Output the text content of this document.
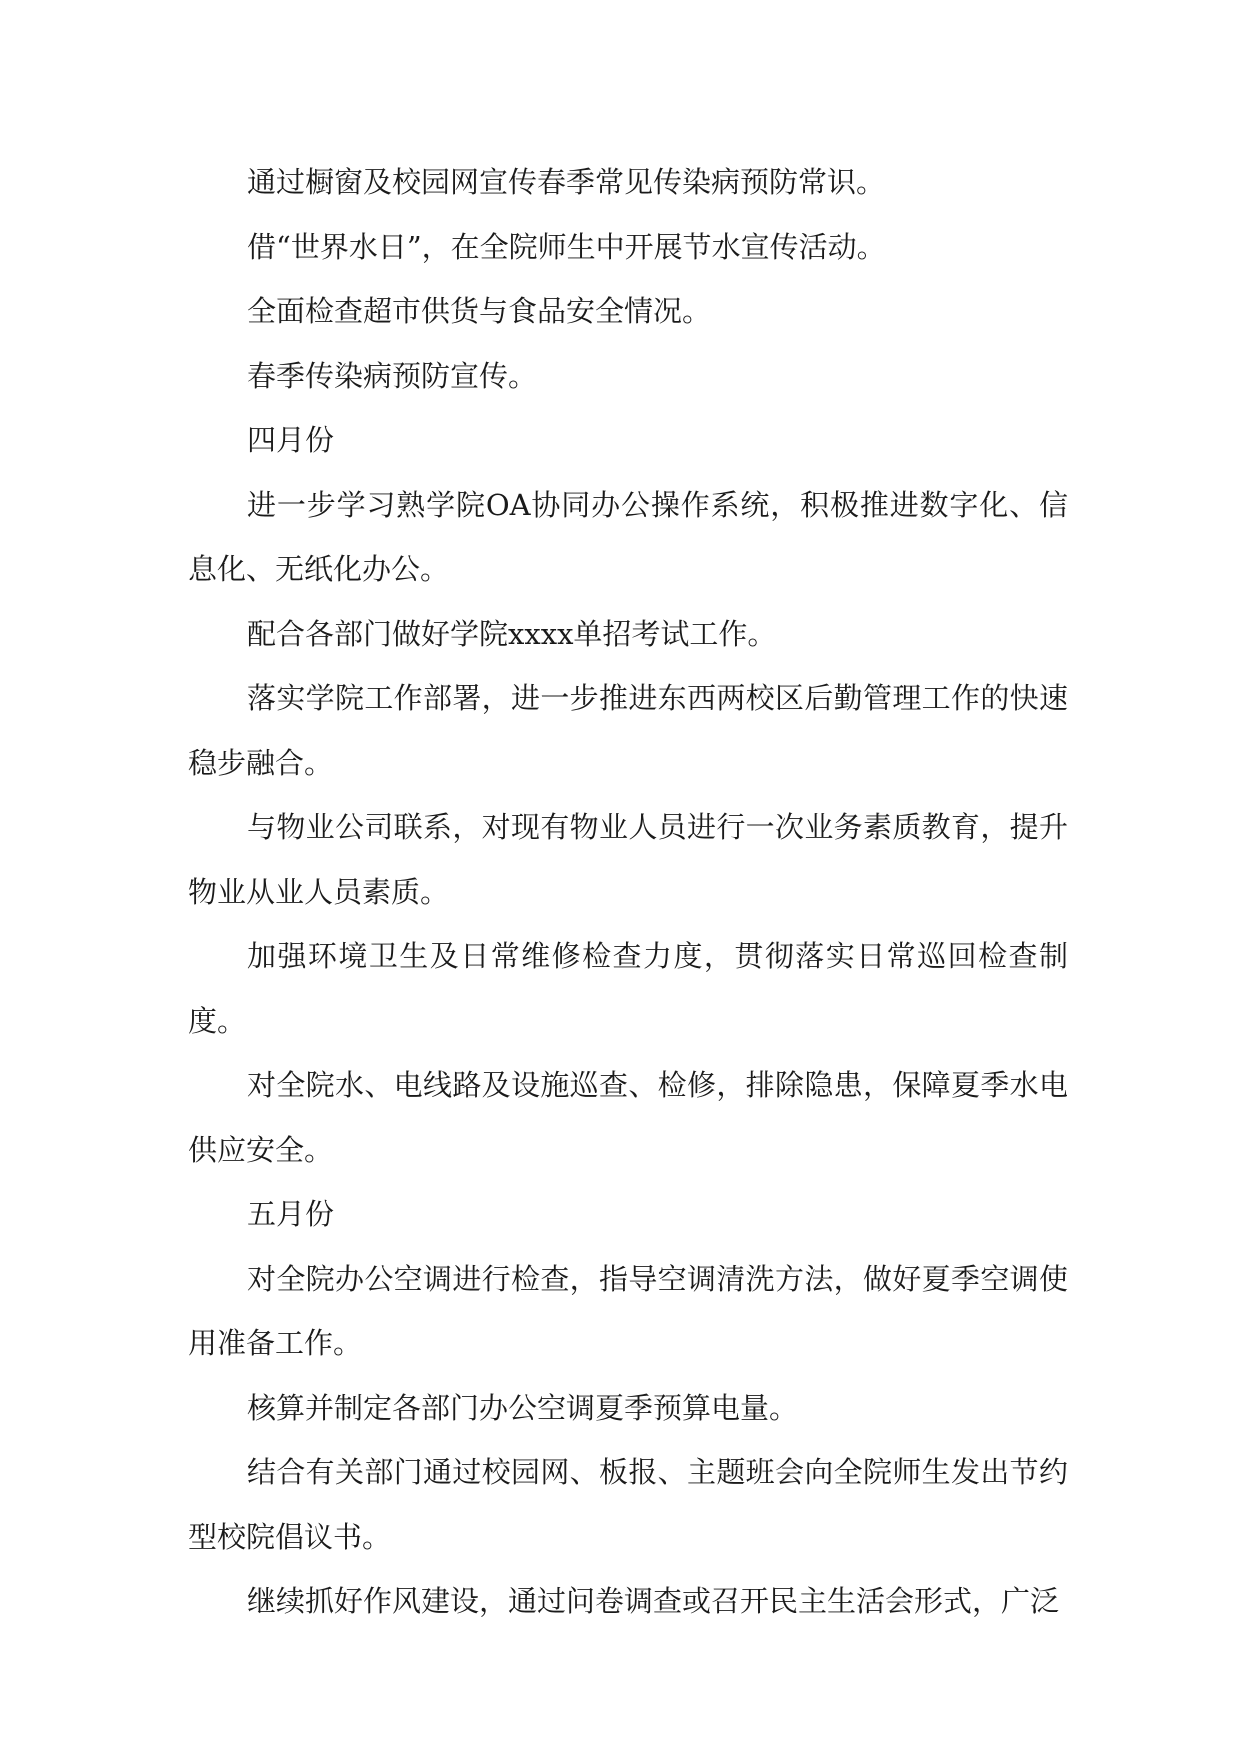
通过橱窗及校园网宣传春季常见传染病预防常识。

借“世界水日”，在全院师生中开展节水宣传活动。

全面检查超市供货与食品安全情况。

春季传染病预防宣传。

四月份

进一步学习熟学院OA协同办公操作系统，积极推进数字化、信息化、无纸化办公。

配合各部门做好学院xxxx单招考试工作。

落实学院工作部署，进一步推进东西两校区后勤管理工作的快速稳步融合。

与物业公司联系，对现有物业人员进行一次业务素质教育，提升物业从业人员素质。

加强环境卫生及日常维修检查力度，贯彻落实日常巡回检查制度。

对全院水、电线路及设施巡查、检修，排除隐患，保障夏季水电供应安全。

五月份

对全院办公空调进行检查，指导空调清洗方法，做好夏季空调使用准备工作。

核算并制定各部门办公空调夏季预算电量。

结合有关部门通过校园网、板报、主题班会向全院师生发出节约型校院倡议书。

继续抓好作风建设，通过问卷调查或召开民主生活会形式，广泛
